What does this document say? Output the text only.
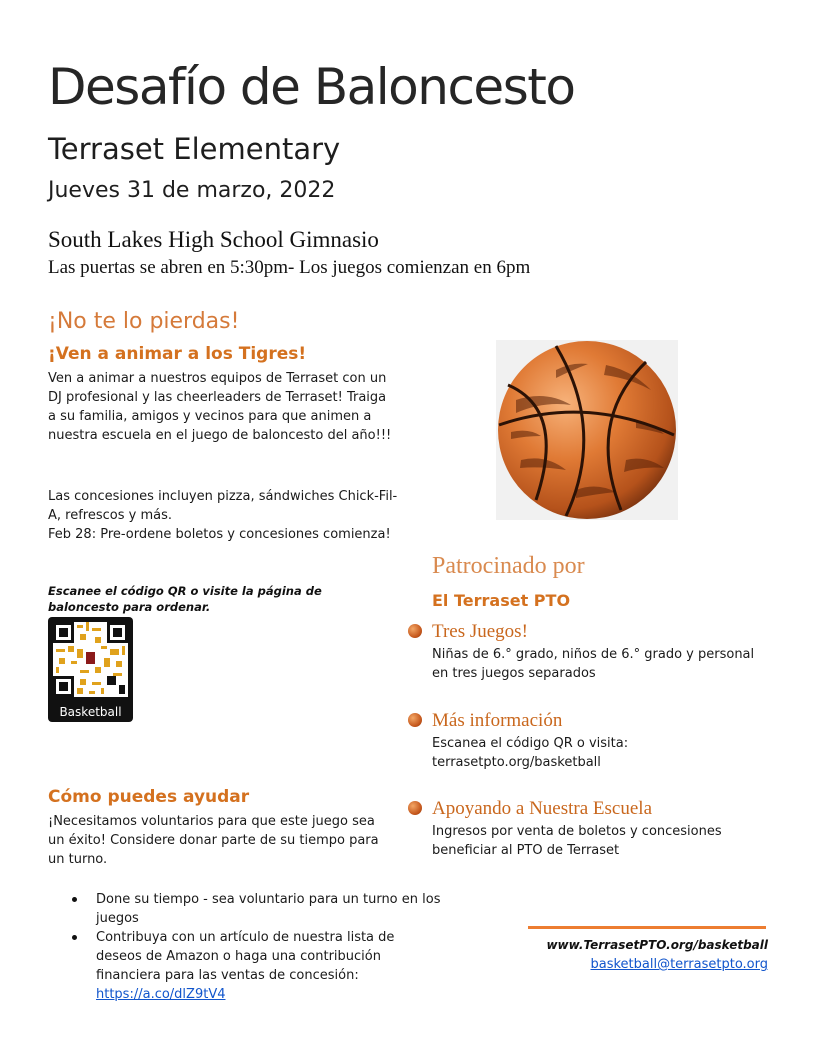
Desafío de Baloncesto
Terraset Elementary
Jueves 31 de marzo, 2022
South Lakes High School Gimnasio
Las puertas se abren en 5:30pm- Los juegos comienzan en 6pm
¡No te lo pierdas!
¡Ven a animar a los Tigres!
Ven a animar a nuestros equipos de Terraset con un DJ profesional y las cheerleaders de Terraset! Traiga a su familia, amigos y vecinos para que animen a nuestra escuela en el juego de baloncesto del año!!!
Las concesiones incluyen pizza, sándwiches Chick-Fil-A, refrescos y más.
Feb 28: Pre-ordene boletos y concesiones comienza!
Escanee el código QR o visite la página de baloncesto para ordenar.
Basketball
Cómo puedes ayudar
¡Necesitamos voluntarios para que este juego sea un éxito! Considere donar parte de su tiempo para un turno.
Done su tiempo - sea voluntario para un turno en los juegos
Contribuya con un artículo de nuestra lista de deseos de Amazon o haga una contribución financiera para las ventas de concesión: https://a.co/dlZ9tV4
Patrocinado por
El Terraset PTO
Tres Juegos!
Niñas de 6.° grado, niños de 6.° grado y personal en tres juegos separados
Más información
Escanea el código QR o visita: terrasetpto.org/basketball
Apoyando a Nuestra Escuela
Ingresos por venta de boletos y concesiones beneficiar al PTO de Terraset
www.TerrasetPTO.org/basketball
basketball@terrasetpto.org
